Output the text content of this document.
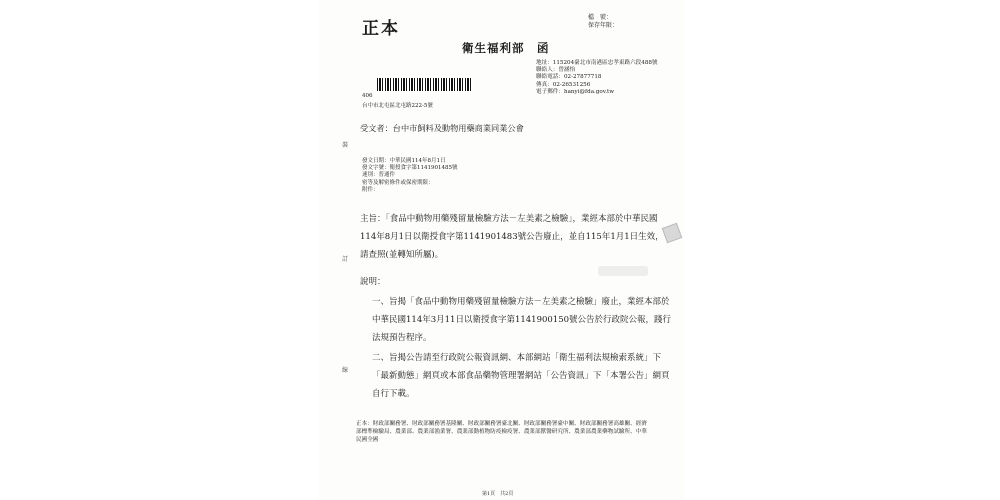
正本
檔　號：
保存年限：
衛生福利部　函
地址：115204臺北市南港區忠孝東路六段488號
聯絡人：曾涵怡
聯絡電話：02-27877718
傳真：02-26531256
電子郵件：hanyi@fda.gov.tw
406
台中市北屯區北屯路222-5號
受文者：台中市飼料及動物用藥商業同業公會
裝
訂
線
發文日期：中華民國114年8月1日
發文字號：衛授食字第1141901485號
速別：普通件
密等及解密條件或保密期限：
附件：
主旨：「食品中動物用藥殘留量檢驗方法－左美素之檢驗」，業經本部於中華民國114年8月1日以衛授食字第1141901483號公告廢止，並自115年1月1日生效，請查照(並轉知所屬)。
說明：
一、旨揭「食品中動物用藥殘留量檢驗方法－左美素之檢驗」廢止，業經本部於中華民國114年3月11日以衛授食字第1141900150號公告於行政院公報，踐行法規預告程序。
二、旨揭公告請至行政院公報資訊網、本部網站「衛生福利法規檢索系統」下「最新動態」網頁或本部食品藥物管理署網站「公告資訊」下「本署公告」網頁自行下載。
正本：財政部關務署、財政部關務署基隆關、財政部關務署臺北關、財政部關務署臺中關、財政部關務署高雄關、經濟部標準檢驗局、農業部、農業部漁業署、農業部動植物防疫檢疫署、農業部獸醫研究所、農業部農業藥物試驗所、中華民國全國
第1頁　共2頁
